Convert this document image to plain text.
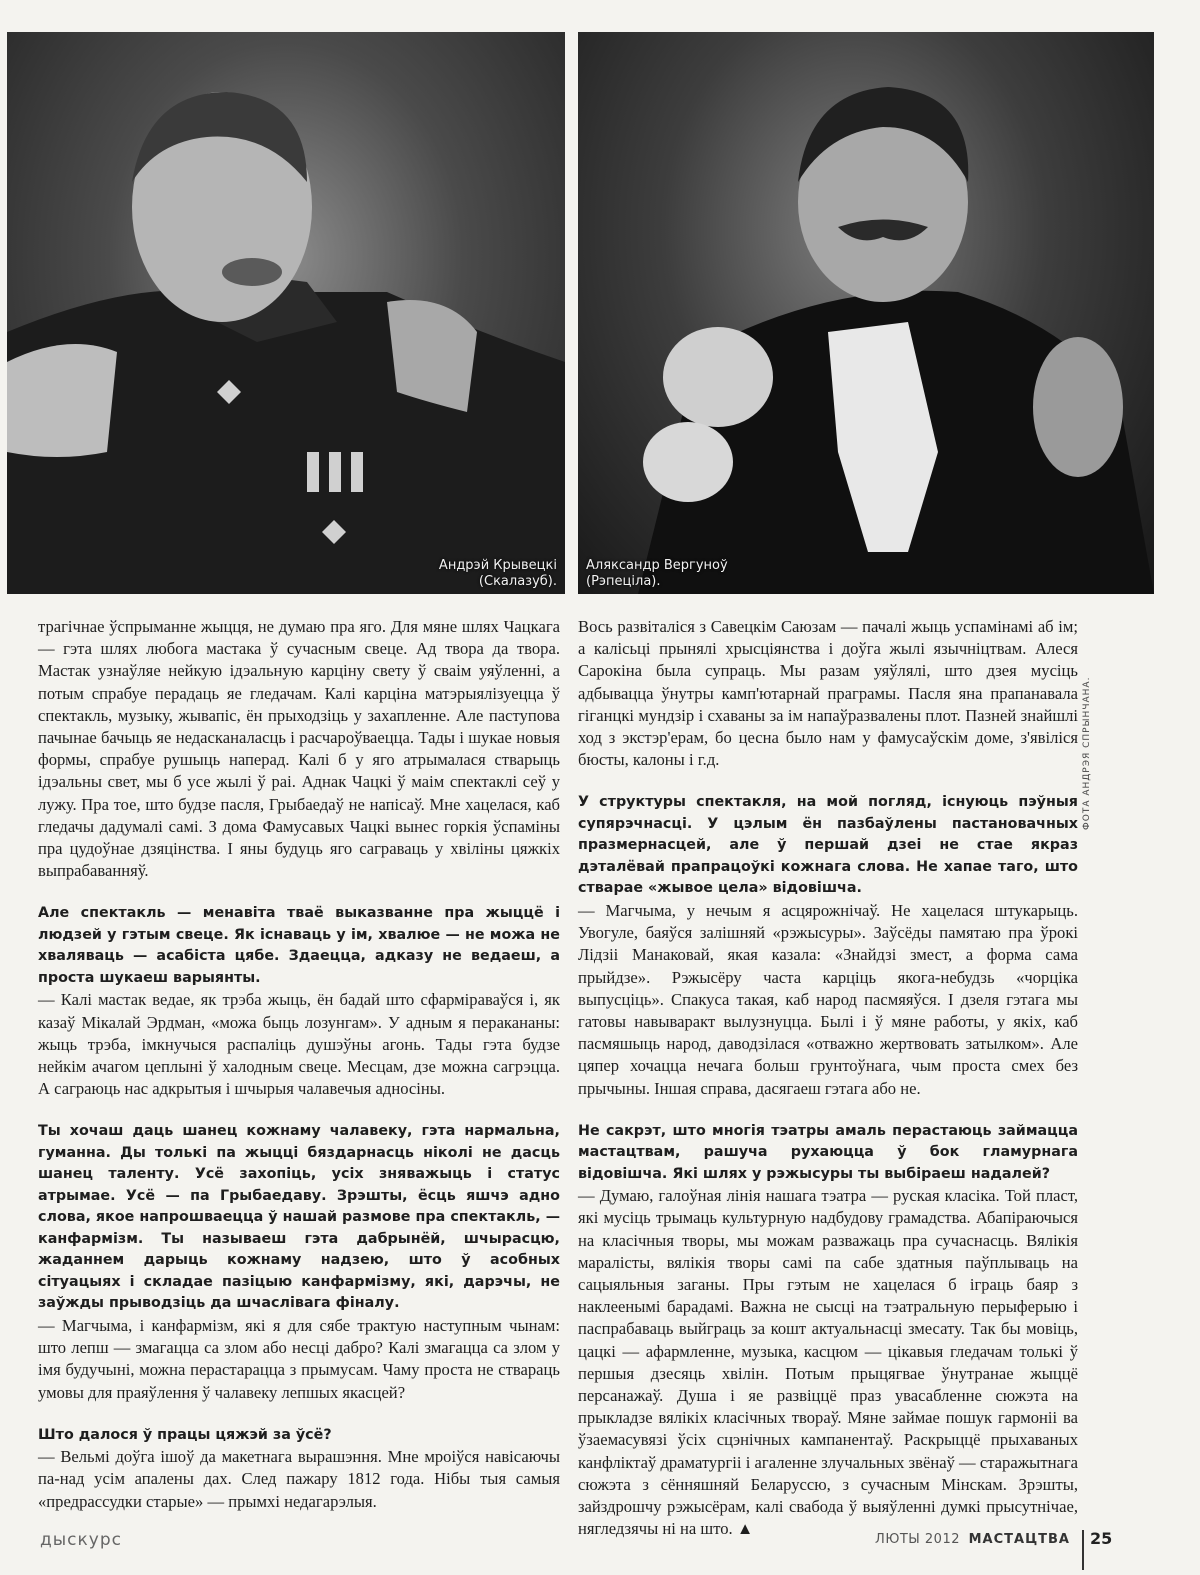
Андрэй Крывецкі
(Скалазуб).
Аляксандр Вергуноў
(Рэпеціла).
ФОТА АНДРЭЯ СПРЫНЧАНА.

трагічнае ўспрыманне жыцця, не думаю пра яго. Для мяне шлях Чацкага — гэта шлях любога мастака ў сучасным свеце. Ад твора да твора. Мастак узнаўляе нейкую ідэальную карціну свету ў сваім уяўленні, а потым спрабуе перадаць яе гледачам. Калі карціна матэрыялізуецца ў спектакль, музыку, жывапіс, ён прыходзіць у захапленне. Але паступова пачынае бачыць яе недасканаласць і расчароўваецца. Тады і шукае новыя формы, спрабуе рушыць наперад. Калі б у яго атрымалася стварыць ідэальны свет, мы б усе жылі ў раі. Аднак Чацкі ў маім спектаклі сеў у лужу. Пра тое, што будзе пасля, Грыбаедаў не напісаў. Мне хацелася, каб гледачы дадумалі самі. З дома Фамусавых Чацкі вынес горкія ўспаміны пра цудоўнае дзяцінства. І яны будуць яго саграваць у хвіліны цяжкіх выпрабаванняў.

Але спектакль — менавіта тваё выказванне пра жыццё і людзей у гэтым свеце. Як існаваць у ім, хвалюе — не можа не хваляваць — асабіста цябе. Здаецца, адказу не ведаеш, а проста шукаеш варыянты.

— Калі мастак ведае, як трэба жыць, ён бадай што сфарміраваўся і, як казаў Мікалай Эрдман, «можа быць лозунгам». У адным я перакананы: жыць трэба, імкнучыся распаліць душэўны агонь. Тады гэта будзе нейкім ачагом цеплыні ў халодным свеце. Месцам, дзе можна сагрэцца. А саграюць нас адкрытыя і шчырыя чалавечыя адносіны.

Ты хочаш даць шанец кожнаму чалавеку, гэта нармальна, гуманна. Ды толькі па жыцці бяздарнасць ніколі не дасць шанец таленту. Усё захопіць, усіх зняважыць і статус атрымае. Усё — па Грыбаедаву. Зрэшты, ёсць яшчэ адно слова, якое напрошваецца ў нашай размове пра спектакль, — канфармізм. Ты называеш гэта дабрынёй, шчырасцю, жаданнем дарыць кожнаму надзею, што ў асобных сітуацыях і складае пазіцыю канфармізму, які, дарэчы, не заўжды прыводзіць да шчаслівага фіналу.

— Магчыма, і канфармізм, які я для сябе трактую наступным чынам: што лепш — змагацца са злом або несці дабро? Калі змагацца са злом у імя будучыні, можна перастарацца з прымусам. Чаму проста не ствараць умовы для праяўлення ў чалавеку лепшых якасцей?

Што далося ў працы цяжэй за ўсё?

— Вельмі доўга ішоў да макетнага вырашэння. Мне мроіўся навісаючы па-над усім апалены дах. След пажару 1812 года. Нібы тыя самыя «предрассудки старые» — прымхі недагарэлыя.

Вось развіталіся з Савецкім Саюзам — пачалі жыць успамінамі аб ім; а калісьці прынялі хрысціянства і доўга жылі язычніцтвам. Алеся Сарокіна была супраць. Мы разам уяўлялі, што дзея мусіць адбывацца ўнутры камп'ютарнай праграмы. Пасля яна прапанавала гіганцкі мундзір і схаваны за ім напаўразвалены плот. Пазней знайшлі ход з экстэр'ерам, бо цесна было нам у фамусаўскім доме, з'явіліся бюсты, калоны і г.д.

У структуры спектакля, на мой погляд, існуюць пэўныя супярэчнасці. У цэлым ён пазбаўлены пастановачных празмернасцей, але ў першай дзеі не стае якраз дэталёвай прапрацоўкі кожнага слова. Не хапае таго, што стварае «жывое цела» відовішча.

— Магчыма, у нечым я асцярожнічаў. Не хацелася штукарыць. Увогуле, баяўся залішняй «рэжысуры». Заўсёды памятаю пра ўрокі Лідзіі Манаковай, якая казала: «Знайдзі змест, а форма сама прыйдзе». Рэжысёру часта карціць якога-небудзь «чорціка выпусціць». Спакуса такая, каб народ пасмяяўся. І дзеля гэтага мы гатовы навываракт вылузнуцца. Былі і ў мяне работы, у якіх, каб пасмяшыць народ, даводзілася «отважно жертвовать затылком». Але цяпер хочацца нечага больш грунтоўнага, чым проста смех без прычыны. Іншая справа, дасягаеш гэтага або не.

Не сакрэт, што многія тэатры амаль перастаюць займацца мастацтвам, рашуча рухаюцца ў бок гламурнага відовішча. Які шлях у рэжысуры ты выбіраеш надалей?

— Думаю, галоўная лінія нашага тэатра — руская класіка. Той пласт, які мусіць трымаць культурную надбудову грамадства. Абапіраючыся на класічныя творы, мы можам разважаць пра сучаснасць. Вялікія маралісты, вялікія творы самі па сабе здатныя паўплываць на сацыяльныя заганы. Пры гэтым не хацелася б іграць баяр з наклеенымі барадамі. Важна не сысці на тэатральную перыферыю і паспрабаваць выйграць за кошт актуальнасці змесату. Так бы мовіць, цацкі — афармленне, музыка, касцюм — цікавыя гледачам толькі ў першыя дзесяць хвілін. Потым прыцягвае ўнутранае жыццё персанажаў. Душа і яе развіццё праз увасабленне сюжэта на прыкладзе вялікіх класічных твораў. Мяне займае пошук гармоніі ва ўзаемасувязі ўсіх сцэнічных кампанентаў. Раскрыццё прыхаваных канфліктаў драматургіі і агаленне злучальных звёнаў — старажытнага сюжэта з сённяшняй Беларуссю, з сучасным Мінскам. Зрэшты, зайздрошчу рэжысёрам, калі свабода ў выяўленні думкі прысутнічае, нягледзячы ні на што. ▲

дыскурс	ЛЮТЫ 2012 МАСТАЦТВА 25
